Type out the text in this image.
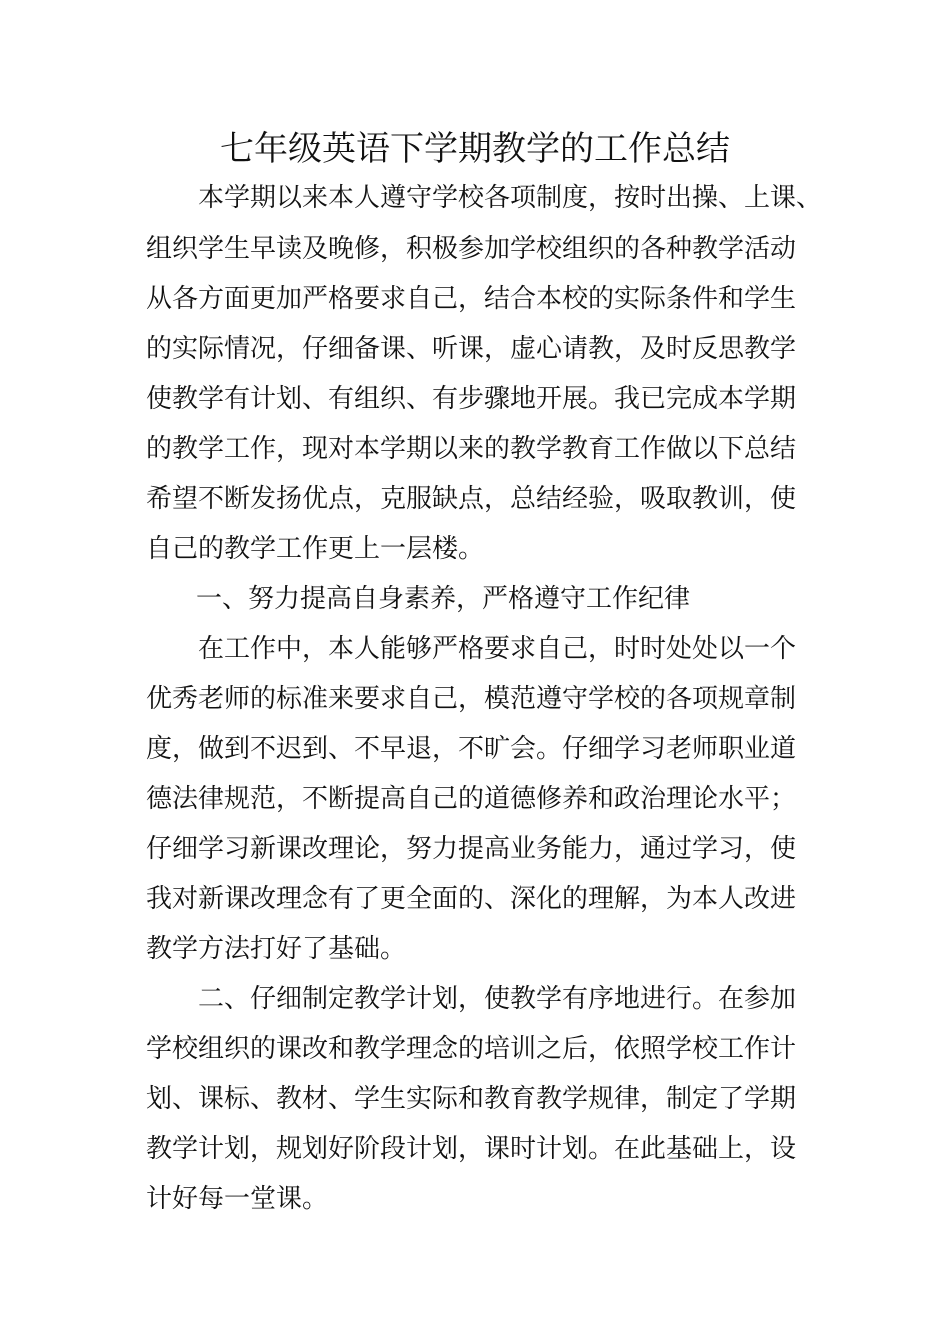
七年级英语下学期教学的工作总结

本学期以来本人遵守学校各项制度，按时出操、上课、

组织学生早读及晚修，积极参加学校组织的各种教学活动

从各方面更加严格要求自己，结合本校的实际条件和学生

的实际情况，仔细备课、听课，虚心请教，及时反思教学

使教学有计划、有组织、有步骤地开展。我已完成本学期

的教学工作，现对本学期以来的教学教育工作做以下总结

希望不断发扬优点，克服缺点，总结经验，吸取教训，使

自己的教学工作更上一层楼。

一、努力提高自身素养，严格遵守工作纪律

在工作中，本人能够严格要求自己，时时处处以一个

优秀老师的标准来要求自己，模范遵守学校的各项规章制

度，做到不迟到、不早退，不旷会。仔细学习老师职业道

德法律规范，不断提高自己的道德修养和政治理论水平；

仔细学习新课改理论，努力提高业务能力，通过学习，使

我对新课改理念有了更全面的、深化的理解，为本人改进

教学方法打好了基础。

二、仔细制定教学计划，使教学有序地进行。在参加

学校组织的课改和教学理念的培训之后，依照学校工作计

划、课标、教材、学生实际和教育教学规律，制定了学期

教学计划，规划好阶段计划，课时计划。在此基础上，设

计好每一堂课。
